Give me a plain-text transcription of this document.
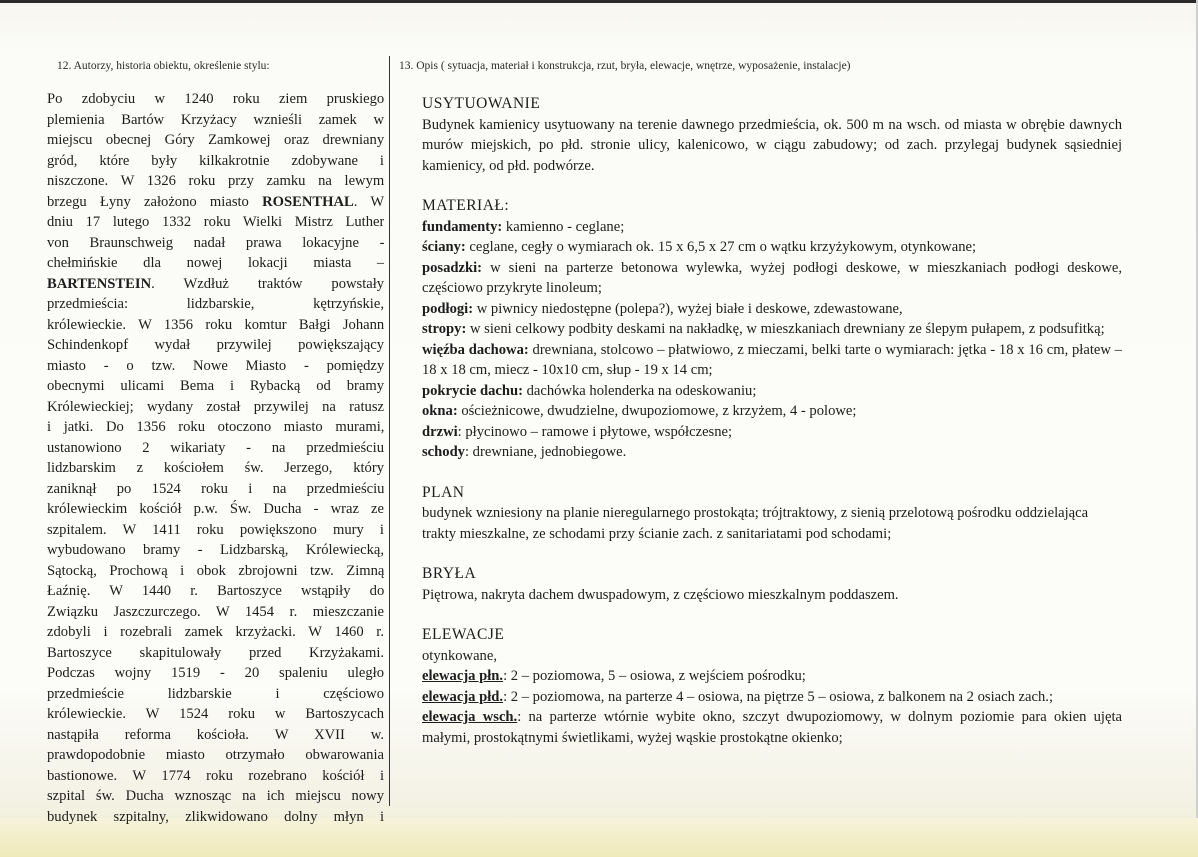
12. Autorzy, historia obiektu, określenie stylu:	13. Opis ( sytuacja, materiał i konstrukcja, rzut, bryła, elewacje, wnętrze, wyposażenie, instalacje)
Po zdobyciu w 1240 roku ziem pruskiego
plemienia Bartów Krzyżacy wznieśli zamek w
miejscu obecnej Góry Zamkowej oraz drewniany
gród, które były kilkakrotnie zdobywane i
niszczone. W 1326 roku przy zamku na lewym
brzegu Łyny założono miasto ROSENTHAL. W
dniu 17 lutego 1332 roku Wielki Mistrz Luther
von Braunschweig nadał prawa lokacyjne -
chełmińskie dla nowej lokacji miasta –
BARTENSTEIN. Wzdłuż traktów powstały
przedmieścia: lidzbarskie, kętrzyńskie,
królewieckie. W 1356 roku komtur Bałgi Johann
Schindenkopf wydał przywilej powiększający
miasto - o tzw. Nowe Miasto - pomiędzy
obecnymi ulicami Bema i Rybacką od bramy
Królewieckiej; wydany został przywilej na ratusz
i jatki. Do 1356 roku otoczono miasto murami,
ustanowiono 2 wikariaty - na przedmieściu
lidzbarskim z kościołem św. Jerzego, który
zaniknął po 1524 roku i na przedmieściu
królewieckim kościół p.w. Św. Ducha - wraz ze
szpitalem. W 1411 roku powiększono mury i
wybudowano bramy - Lidzbarską, Królewiecką,
Sątocką, Prochową i obok zbrojowni tzw. Zimną
Łaźnię. W 1440 r. Bartoszyce wstąpiły do
Związku Jaszczurczego. W 1454 r. mieszczanie
zdobyli i rozebrali zamek krzyżacki. W 1460 r.
Bartoszyce skapitulowały przed Krzyżakami.
Podczas wojny 1519 - 20 spaleniu uległo
przedmieście lidzbarskie i częściowo
królewieckie. W 1524 roku w Bartoszycach
nastąpiła reforma kościoła. W XVII w.
prawdopodobnie miasto otrzymało obwarowania
bastionowe. W 1774 roku rozebrano kościół i
szpital św. Ducha wznosząc na ich miejscu nowy
budynek szpitalny, zlikwidowano dolny młyn i

USYTUOWANIE

Budynek kamienicy usytuowany na terenie dawnego przedmieścia, ok. 500 m na wsch. od miasta w obrębie dawnych murów miejskich, po płd. stronie ulicy, kalenicowo, w ciągu zabudowy; od zach. przylegaj budynek sąsiedniej kamienicy, od płd. podwórze.

MATERIAŁ:

fundamenty: kamienno - ceglane;

ściany: ceglane, cegły o wymiarach ok. 15 x 6,5 x 27 cm o wątku krzyżykowym, otynkowane;

posadzki: w sieni na parterze betonowa wylewka, wyżej podłogi deskowe, w mieszkaniach podłogi deskowe, częściowo przykryte linoleum;

podłogi: w piwnicy niedostępne (polepa?), wyżej białe i deskowe, zdewastowane,

stropy: w sieni celkowy podbity deskami na nakładkę, w mieszkaniach drewniany ze ślepym pułapem, z podsufitką;

więźba dachowa: drewniana, stolcowo – płatwiowo, z mieczami, belki tarte o wymiarach: jętka - 18 x 16 cm, płatew – 18 x 18 cm, miecz - 10x10 cm, słup - 19 x 14 cm;

pokrycie dachu: dachówka holenderka na odeskowaniu;

okna: ościeżnicowe, dwudzielne, dwupoziomowe, z krzyżem, 4 - polowe;

drzwi: płycinowo – ramowe i płytowe, współczesne;

schody: drewniane, jednobiegowe.

PLAN

budynek wzniesiony na planie nieregularnego prostokąta; trójtraktowy, z sienią przelotową pośrodku oddzielająca trakty mieszkalne, ze schodami przy ścianie zach. z sanitariatami pod schodami;

BRYŁA

Piętrowa, nakryta dachem dwuspadowym, z częściowo mieszkalnym poddaszem.

ELEWACJE

otynkowane,

elewacja płn.: 2 – poziomowa, 5 – osiowa, z wejściem pośrodku;

elewacja płd.: 2 – poziomowa, na parterze 4 – osiowa, na piętrze 5 – osiowa, z balkonem na 2 osiach zach.;

elewacja wsch.: na parterze wtórnie wybite okno, szczyt dwupoziomowy, w dolnym poziomie para okien ujęta małymi, prostokątnymi świetlikami, wyżej wąskie prostokątne okienko;
